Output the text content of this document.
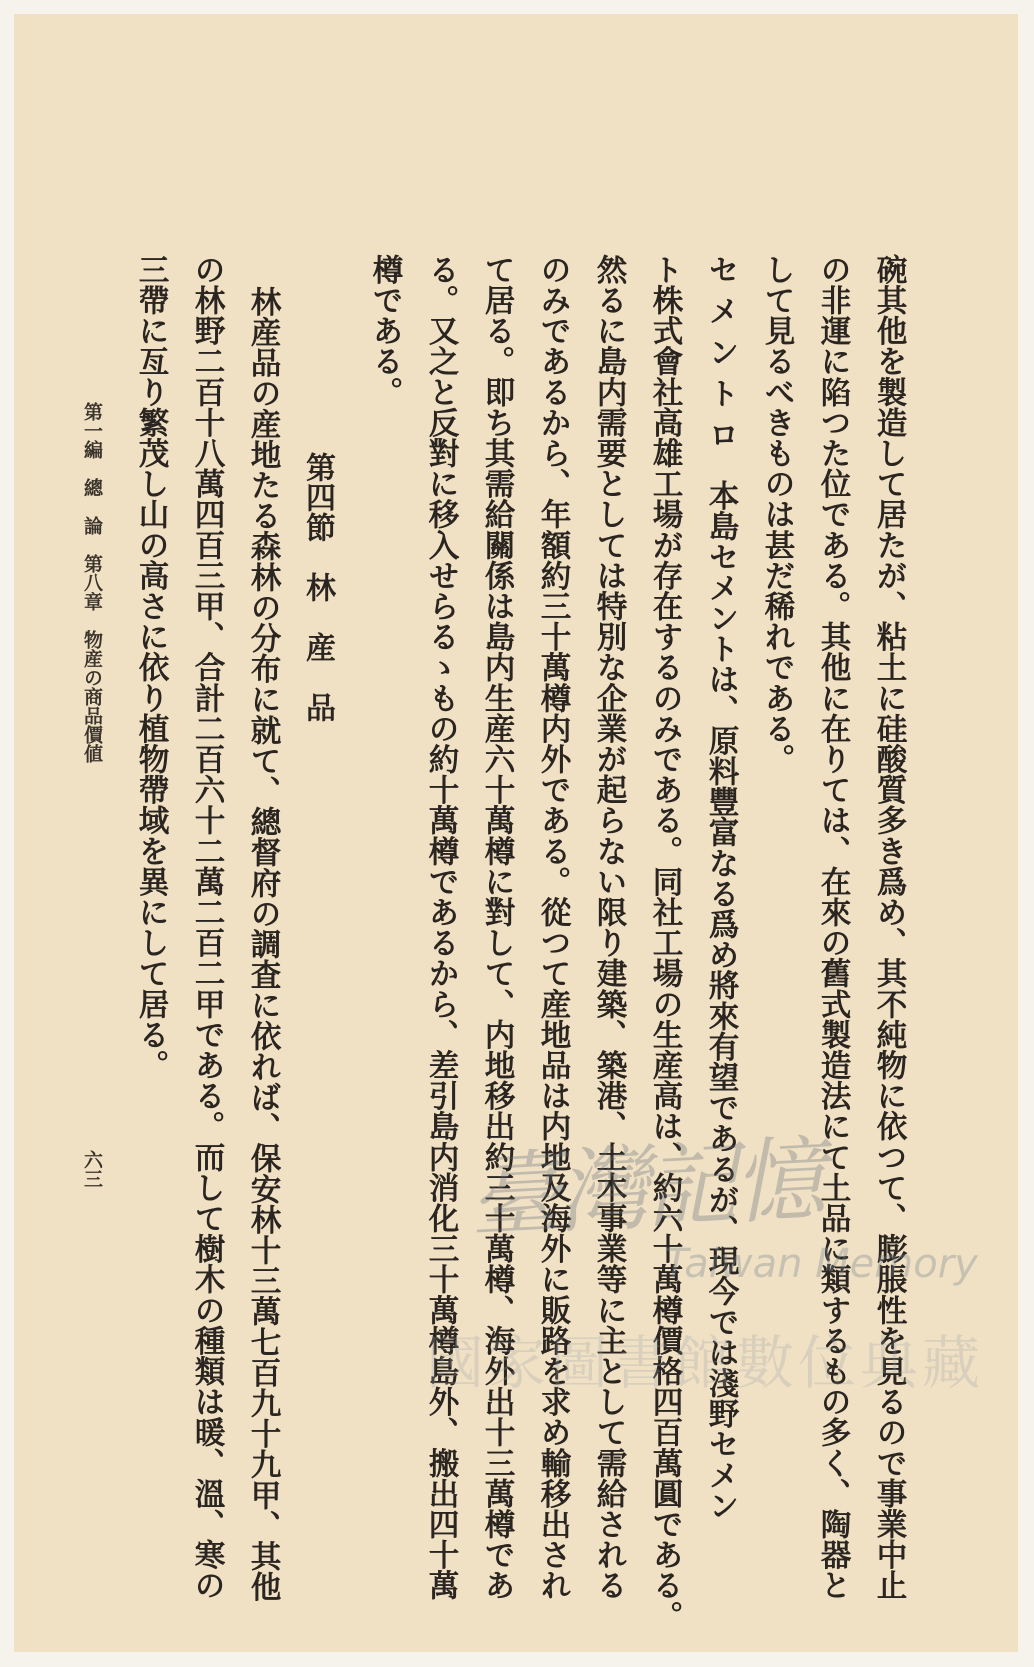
碗其他を製造して居たが、粘土に硅酸質多き爲め、其不純物に依つて、膨脹性を見るので事業中止
の非運に陷つた位である。其他に在りては、在來の舊式製造法にて土品に類するもの多く、陶器と
して見るべきものは甚だ稀れである。
セ メ ン ト ロ　本島セメントは、原料豐富なる爲め將來有望であるが、現今では淺野セメン
ト株式會社高雄工場が存在するのみである。同社工場の生産高は、約六十萬樽價格四百萬圓である。
然るに島内需要としては特別な企業が起らない限り建築、築港、土木事業等に主として需給される
のみであるから、年額約三十萬樽内外である。從つて産地品は内地及海外に販路を求め輸移出され
て居る。即ち其需給關係は島内生産六十萬樽に對して、内地移出約三十萬樽、海外出十三萬樽であ
る。又之と反對に移入せらるゝもの約十萬樽であるから、差引島内消化三十萬樽島外、搬出四十萬
樽である。
第四節　林　産　品
林産品の産地たる森林の分布に就て、總督府の調査に依れば、保安林十三萬七百九十九甲、其他
の林野二百十八萬四百三甲、合計二百六十二萬二百二甲である。而して樹木の種類は暖、溫、寒の
三帶に亙り繁茂し山の高さに依り植物帶域を異にして居る。
第一編　總　論　第八章　物産の商品價値
六三	臺灣記憶
Taiwan Memory
國家圖書館數位典藏
